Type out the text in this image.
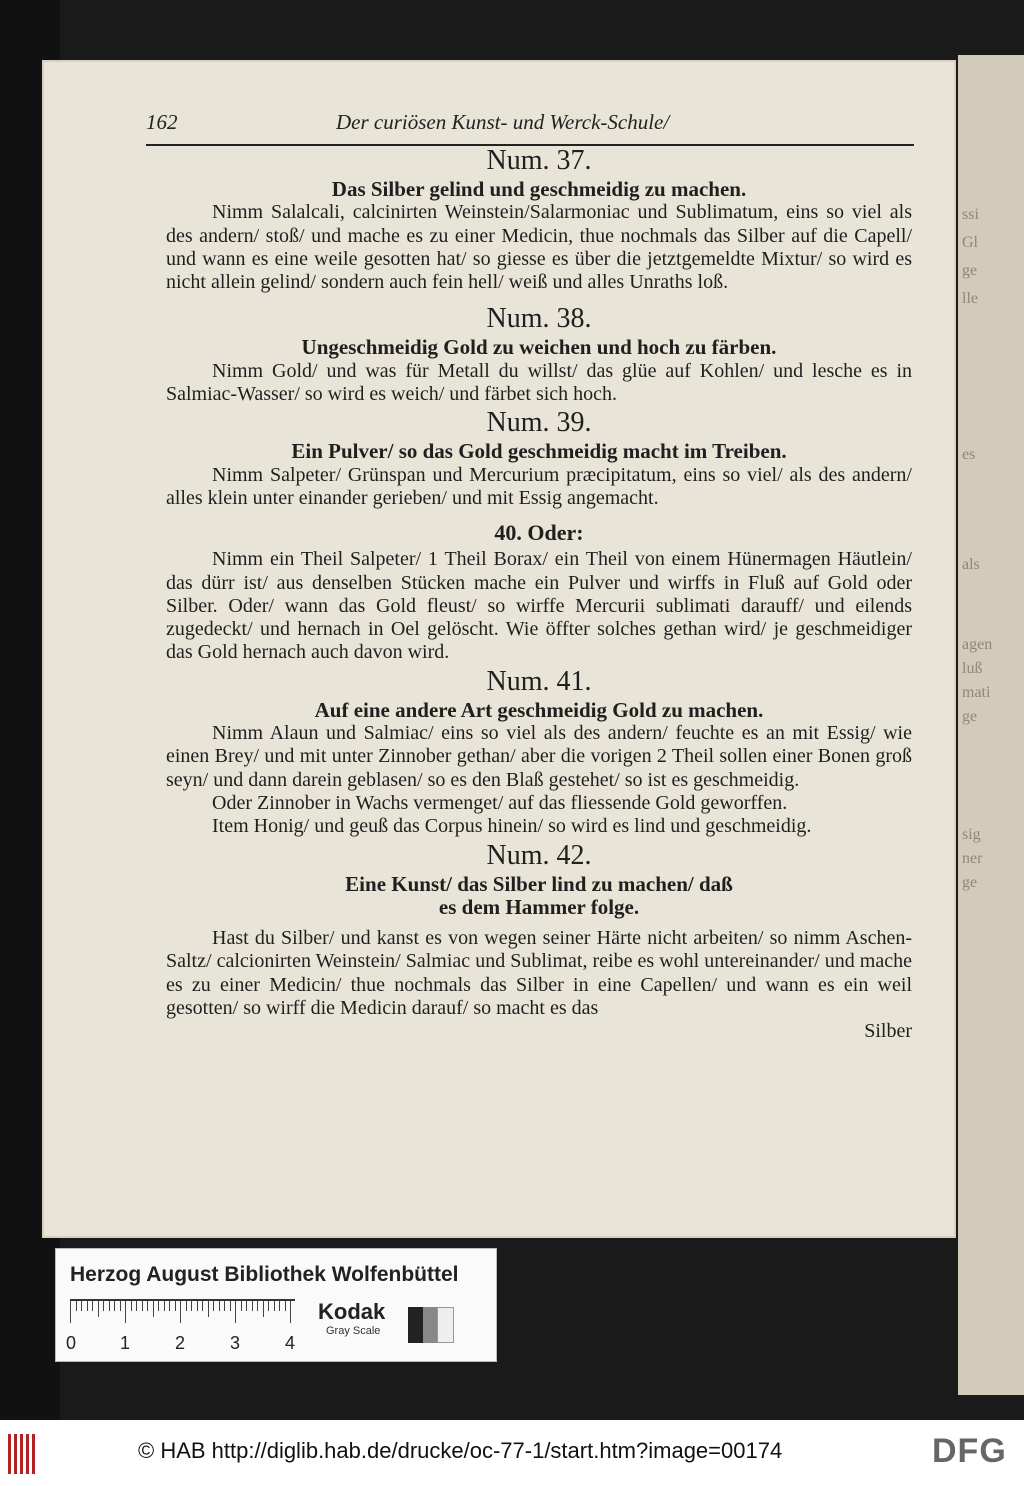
ssi
Gl
ge
lle
es
als
agen
luß
mati
ge
sig
ner
ge
162	Der curiösen Kunst- und Werck-Schule/

Num. 37.

Das Silber gelind und geschmeidig zu machen.

Nimm Salalcali, calcinirten Weinstein/Salarmoniac und Sublimatum, eins so viel als des andern/ stoß/ und mache es zu einer Medicin, thue nochmals das Silber auf die Capell/ und wann es eine weile gesotten hat/ so giesse es über die jetztgemeldte Mixtur/ so wird es nicht allein gelind/ sondern auch fein hell/ weiß und alles Unraths loß.

Num. 38.

Ungeschmeidig Gold zu weichen und hoch zu färben.

Nimm Gold/ und was für Metall du willst/ das glüe auf Kohlen/ und lesche es in Salmiac-Wasser/ so wird es weich/ und färbet sich hoch.

Num. 39.

Ein Pulver/ so das Gold geschmeidig macht im Treiben.

Nimm Salpeter/ Grünspan und Mercurium præcipitatum, eins so viel/ als des andern/ alles klein unter einander gerieben/ und mit Essig angemacht.

40. Oder:

Nimm ein Theil Salpeter/ 1 Theil Borax/ ein Theil von einem Hünermagen Häutlein/ das dürr ist/ aus denselben Stücken mache ein Pulver und wirffs in Fluß auf Gold oder Silber. Oder/ wann das Gold fleust/ so wirffe Mercurii sublimati darauff/ und eilends zugedeckt/ und hernach in Oel gelöscht. Wie öffter solches gethan wird/ je geschmeidiger das Gold hernach auch davon wird.

Num. 41.

Auf eine andere Art geschmeidig Gold zu machen.

Nimm Alaun und Salmiac/ eins so viel als des andern/ feuchte es an mit Essig/ wie einen Brey/ und mit unter Zinnober gethan/ aber die vorigen 2 Theil sollen einer Bonen groß seyn/ und dann darein geblasen/ so es den Blaß gestehet/ so ist es geschmeidig.

Oder Zinnober in Wachs vermenget/ auf das fliessende Gold geworffen.

Item Honig/ und geuß das Corpus hinein/ so wird es lind und geschmeidig.

Num. 42.

Eine Kunst/ das Silber lind zu machen/ daß es dem Hammer folge.

Hast du Silber/ und kanst es von wegen seiner Härte nicht arbeiten/ so nimm Aschen-Saltz/ calcionirten Weinstein/ Salmiac und Sublimat, reibe es wohl untereinander/ und mache es zu einer Medicin/ thue nochmals das Silber in eine Capellen/ und wann es ein weil gesotten/ so wirff die Medicin darauf/ so macht es das

Silber

Herzog August Bibliothek Wolfenbüttel
0 1 2 3 4
Kodak
Gray Scale
© HAB http://diglib.hab.de/drucke/oc-77-1/start.htm?image=00174	DFG
